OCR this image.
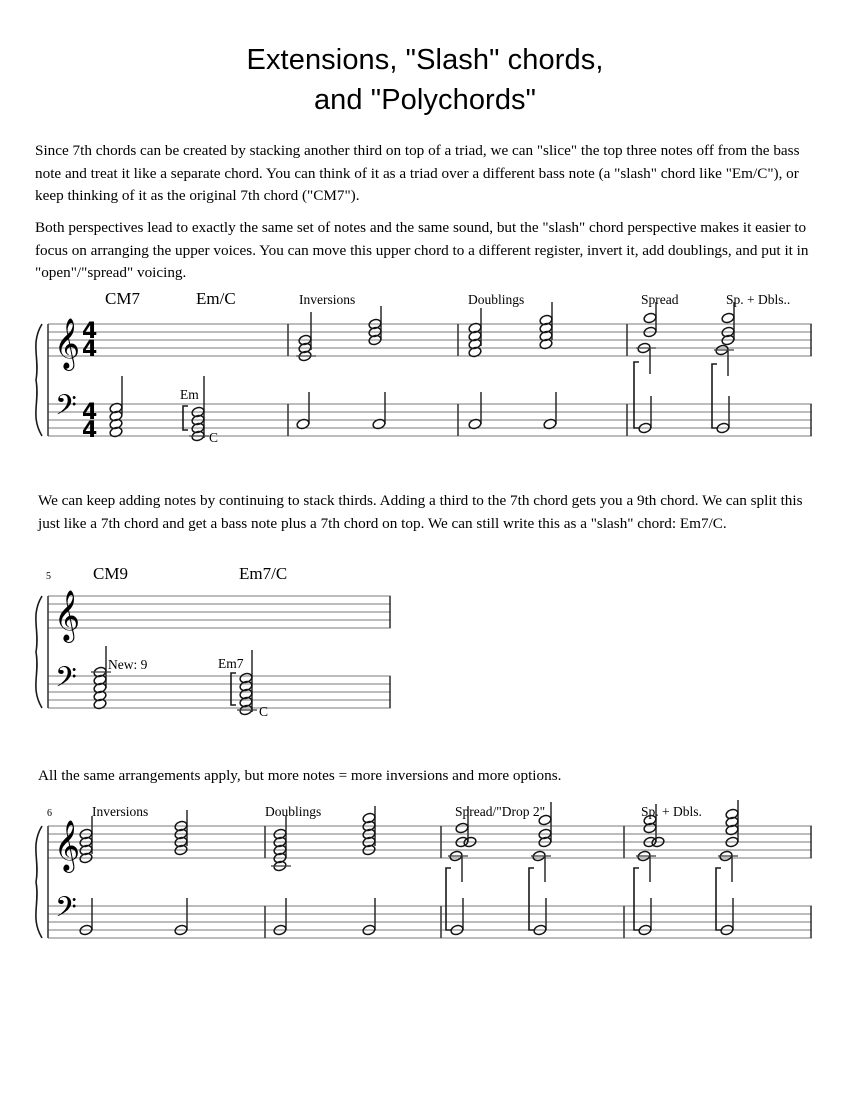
Extensions, "Slash" chords,
and "Polychords"
Since 7th chords can be created by stacking another third on top of a triad, we can "slice" the top three notes off from the bass note and treat it like a separate chord. You can think of it as a triad over a different bass note (a "slash" chord like "Em/C"), or keep thinking of it as the original 7th chord ("CM7").
Both perspectives lead to exactly the same set of notes and the same sound, but the "slash" chord perspective makes it easier to focus on arranging the upper voices. You can move this upper chord to a different register, invert it, add doublings, and put it in "open"/"spread" voicing.
CM7	Em/C	Inversions	Doublings	Spread	Sp. + Dbls..
𝄞
𝄢
4
4
4
4
Em
C
We can keep adding notes by continuing to stack thirds. Adding a third to the 7th chord gets you a 9th chord. We can split this just like a 7th chord and get a bass note plus a 7th chord on top. We can still write this as a "slash" chord: Em7/C.
5 CM9	Em7/C
𝄞
𝄢 New: 9	Em7
C
All the same arrangements apply, but more notes = more inversions and more options.
6	Inversions	Doublings	Spread/"Drop 2"	Sp. + Dbls.
𝄞
𝄢
